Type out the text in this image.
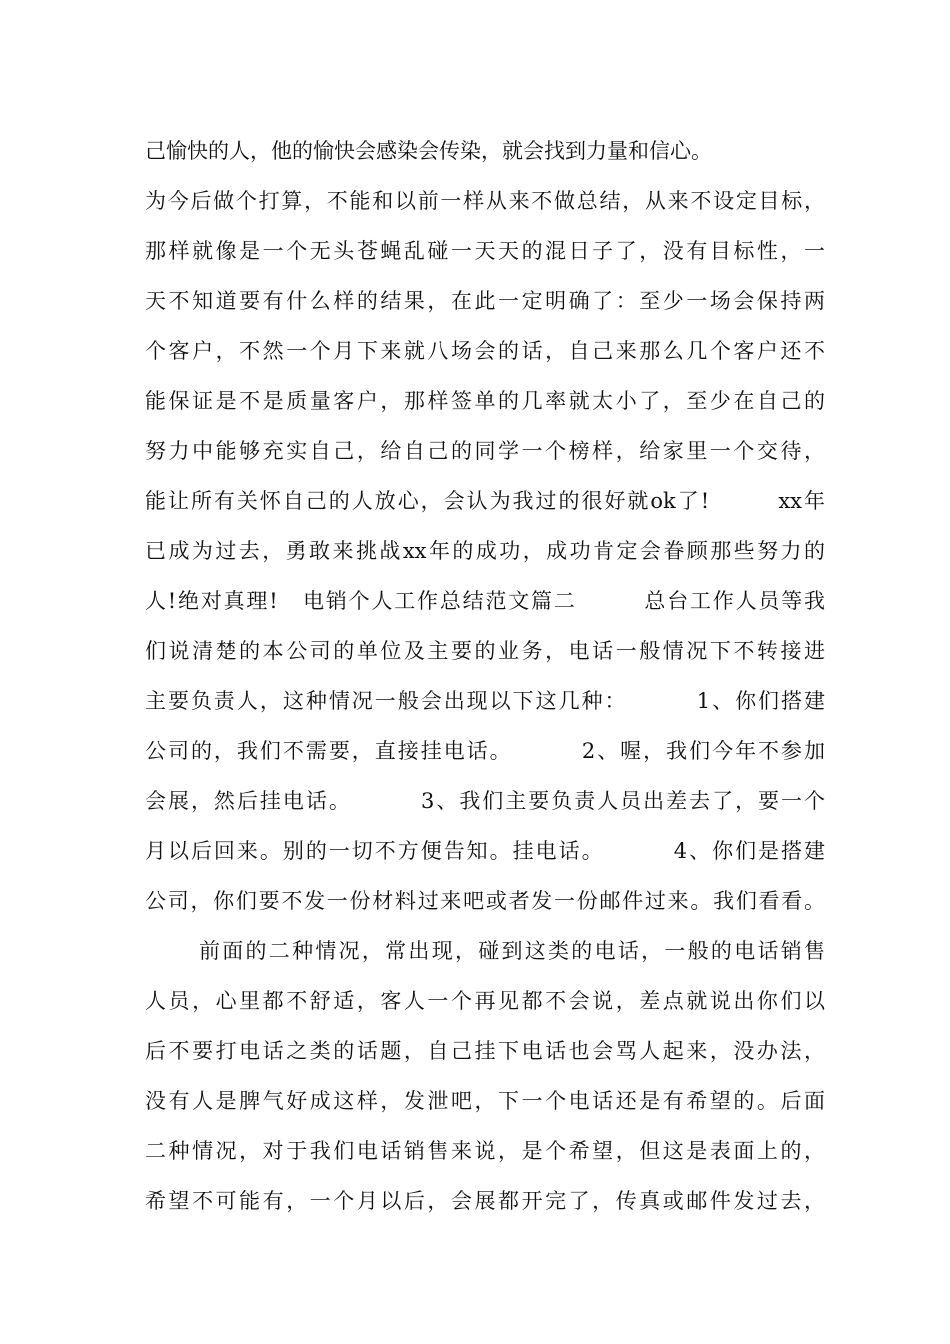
己愉快的人，他的愉快会感染会传染，就会找到力量和信心。
为今后做个打算，不能和以前一样从来不做总结，从来不设定目标，
那样就像是一个无头苍蝇乱碰一天天的混日子了，没有目标性，一
天不知道要有什么样的结果，在此一定明确了：至少一场会保持两
个客户，不然一个月下来就八场会的话，自己来那么几个客户还不
能保证是不是质量客户，那样签单的几率就太小了，至少在自己的
努力中能够充实自己，给自己的同学一个榜样，给家里一个交待，
能让所有关怀自己的人放心，会认为我过的很好就ok了!        xx年
已成为过去，勇敢来挑战xx年的成功，成功肯定会眷顾那些努力的
人!绝对真理!   电销个人工作总结范文篇二        总台工作人员等我
们说清楚的本公司的单位及主要的业务，电话一般情况下不转接进
主要负责人，这种情况一般会出现以下这几种：        1、你们搭建
公司的，我们不需要，直接挂电话。        2、喔，我们今年不参加
会展，然后挂电话。        3、我们主要负责人员出差去了，要一个
月以后回来。别的一切不方便告知。挂电话。        4、你们是搭建
公司，你们要不发一份材料过来吧或者发一份邮件过来。我们看看。
前面的二种情况，常出现，碰到这类的电话，一般的电话销售
人员，心里都不舒适，客人一个再见都不会说，差点就说出你们以
后不要打电话之类的话题，自己挂下电话也会骂人起来，没办法，
没有人是脾气好成这样，发泄吧，下一个电话还是有希望的。后面
二种情况，对于我们电话销售来说，是个希望，但这是表面上的，
希望不可能有，一个月以后，会展都开完了，传真或邮件发过去，
